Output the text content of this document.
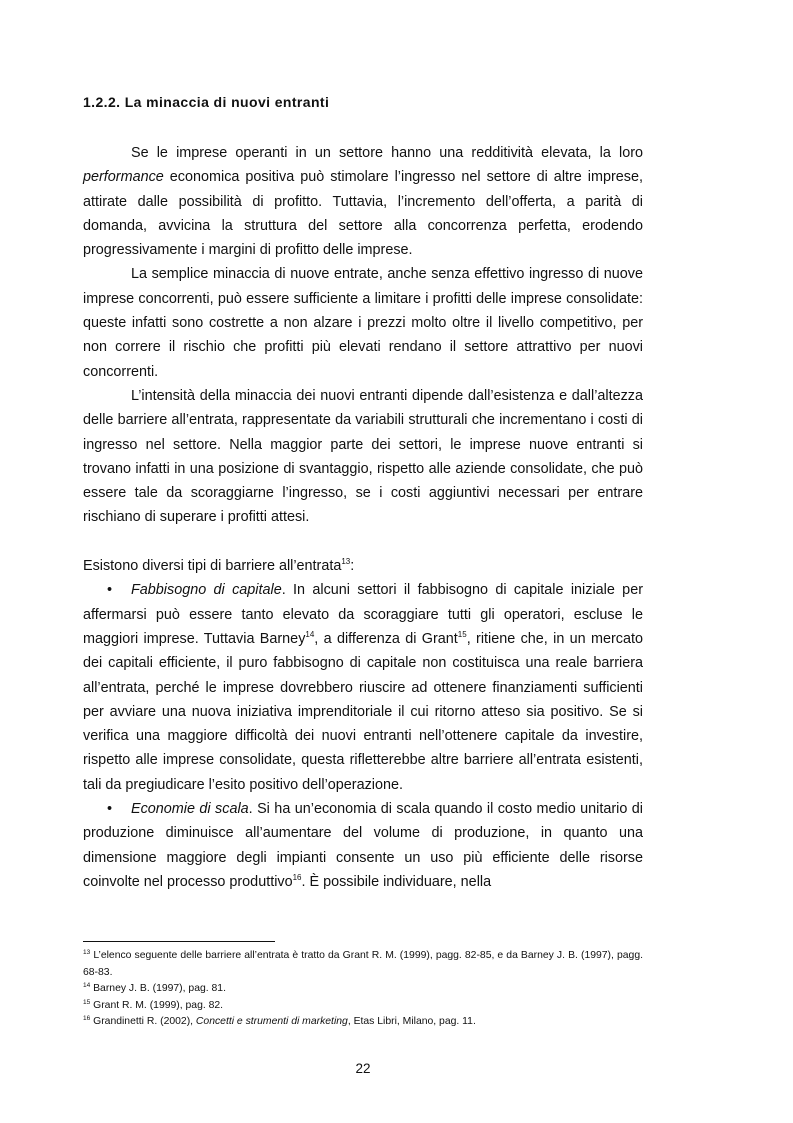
1.2.2. La minaccia di nuovi entranti

Se le imprese operanti in un settore hanno una redditività elevata, la loro performance economica positiva può stimolare l’ingresso nel settore di altre imprese, attirate dalle possibilità di profitto. Tuttavia, l’incremento dell’offerta, a parità di domanda, avvicina la struttura del settore alla concorrenza perfetta, erodendo progressivamente i margini di profitto delle imprese.

La semplice minaccia di nuove entrate, anche senza effettivo ingresso di nuove imprese concorrenti, può essere sufficiente a limitare i profitti delle imprese consolidate: queste infatti sono costrette a non alzare i prezzi molto oltre il livello competitivo, per non correre il rischio che profitti più elevati rendano il settore attrattivo per nuovi concorrenti.

L’intensità della minaccia dei nuovi entranti dipende dall’esistenza e dall’altezza delle barriere all’entrata, rappresentate da variabili strutturali che incrementano i costi di ingresso nel settore. Nella maggior parte dei settori, le imprese nuove entranti si trovano infatti in una posizione di svantaggio, rispetto alle aziende consolidate, che può essere tale da scoraggiarne l’ingresso, se i costi aggiuntivi necessari per entrare rischiano di superare i profitti attesi.

Esistono diversi tipi di barriere all’entrata$^{13}$:

• Fabbisogno di capitale. In alcuni settori il fabbisogno di capitale iniziale per affermarsi può essere tanto elevato da scoraggiare tutti gli operatori, escluse le maggiori imprese. Tuttavia Barney$^{14}$, a differenza di Grant$^{15}$, ritiene che, in un mercato dei capitali efficiente, il puro fabbisogno di capitale non costituisca una reale barriera all’entrata, perché le imprese dovrebbero riuscire ad ottenere finanziamenti sufficienti per avviare una nuova iniziativa imprenditoriale il cui ritorno atteso sia positivo. Se si verifica una maggiore difficoltà dei nuovi entranti nell’ottenere capitale da investire, rispetto alle imprese consolidate, questa rifletterebbe altre barriere all’entrata esistenti, tali da pregiudicare l’esito positivo dell’operazione.
• Economie di scala. Si ha un’economia di scala quando il costo medio unitario di produzione diminuisce all’aumentare del volume di produzione, in quanto una dimensione maggiore degli impianti consente un uso più efficiente delle risorse coinvolte nel processo produttivo$^{16}$. È possibile individuare, nella

$^{13}$ L’elenco seguente delle barriere all’entrata è tratto da Grant R. M. (1999), pagg. 82-85, e da Barney J. B. (1997), pagg. 68-83.

$^{14}$ Barney J. B. (1997), pag. 81.

$^{15}$ Grant R. M. (1999), pag. 82.

$^{16}$ Grandinetti R. (2002), Concetti e strumenti di marketing, Etas Libri, Milano, pag. 11.

22
